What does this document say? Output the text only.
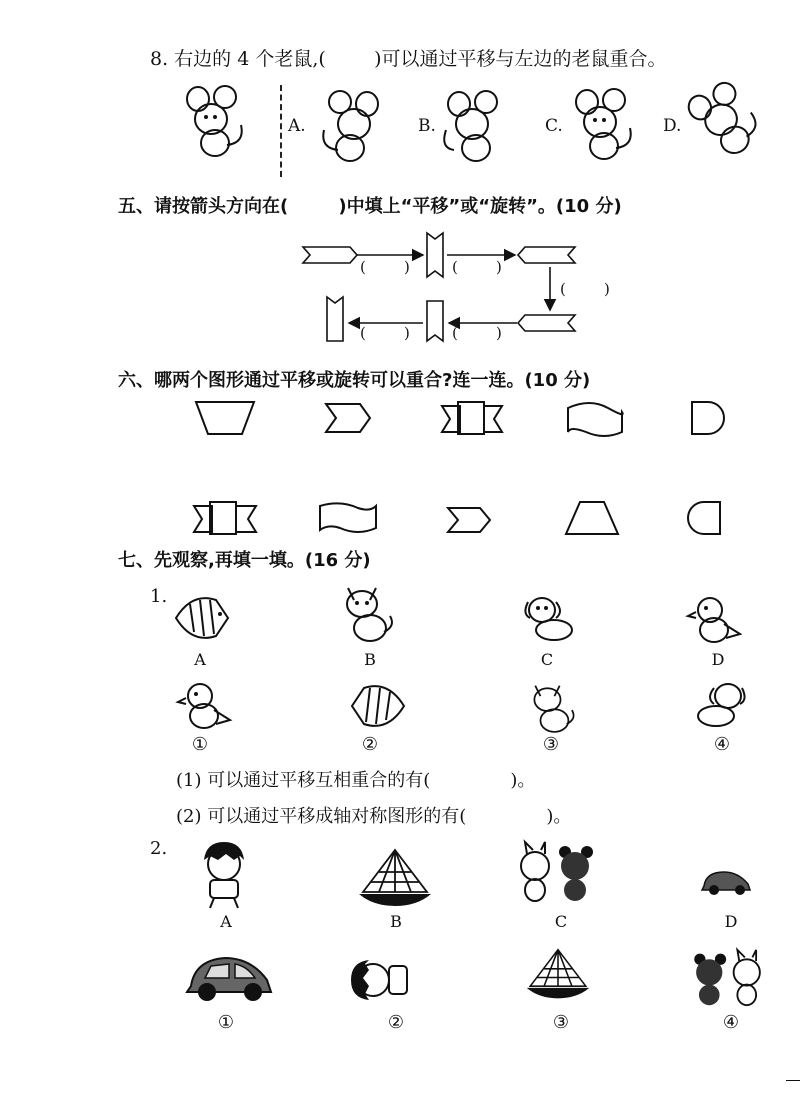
8. 右边的 4 个老鼠,(        )可以通过平移与左边的老鼠重合。
A.	B.	C.	D.
五、请按箭头方向在(        )中填上“平移”或“旋转”。(10 分)
(        )	(        )
(        )
(        )
(        )
六、哪两个图形通过平移或旋转可以重合?连一连。(10 分)
七、先观察,再填一填。(16 分)
1.
A	B	C	D
①	②	③	④
(1) 可以通过平移互相重合的有(              )。
(2) 可以通过平移成轴对称图形的有(              )。
2.
A	B	C	D
①	②	③	④
